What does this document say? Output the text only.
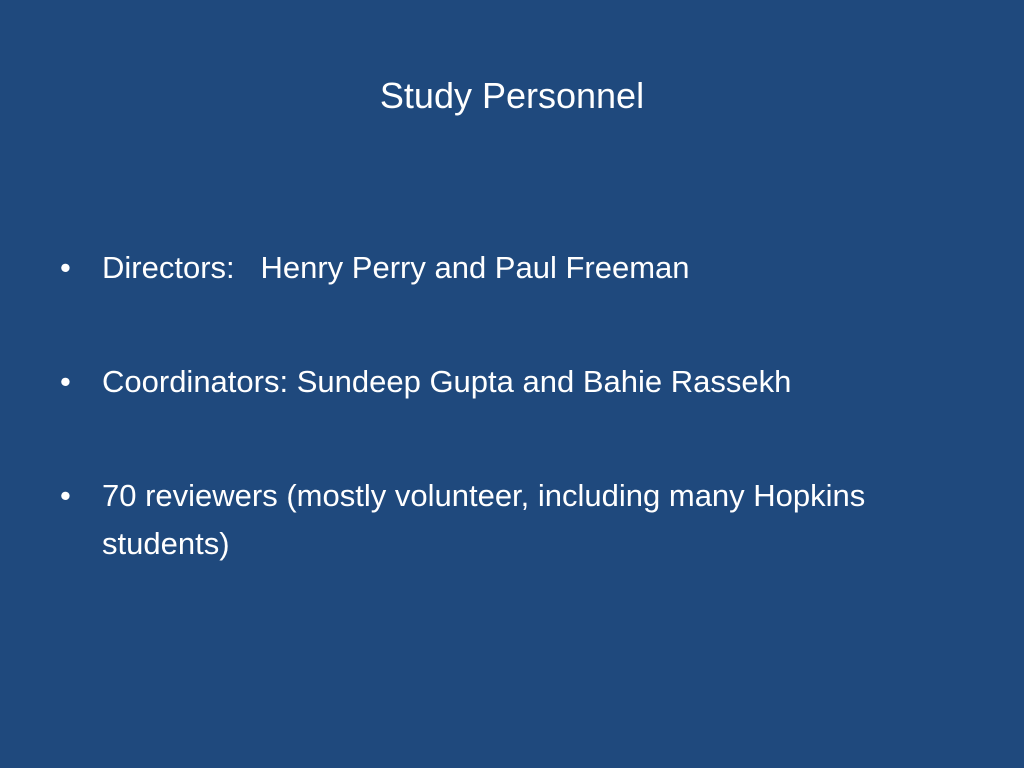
Study Personnel
• Directors: Henry Perry and Paul Freeman
• Coordinators: Sundeep Gupta and Bahie Rassekh
• 70 reviewers (mostly volunteer, including many Hopkins students)
